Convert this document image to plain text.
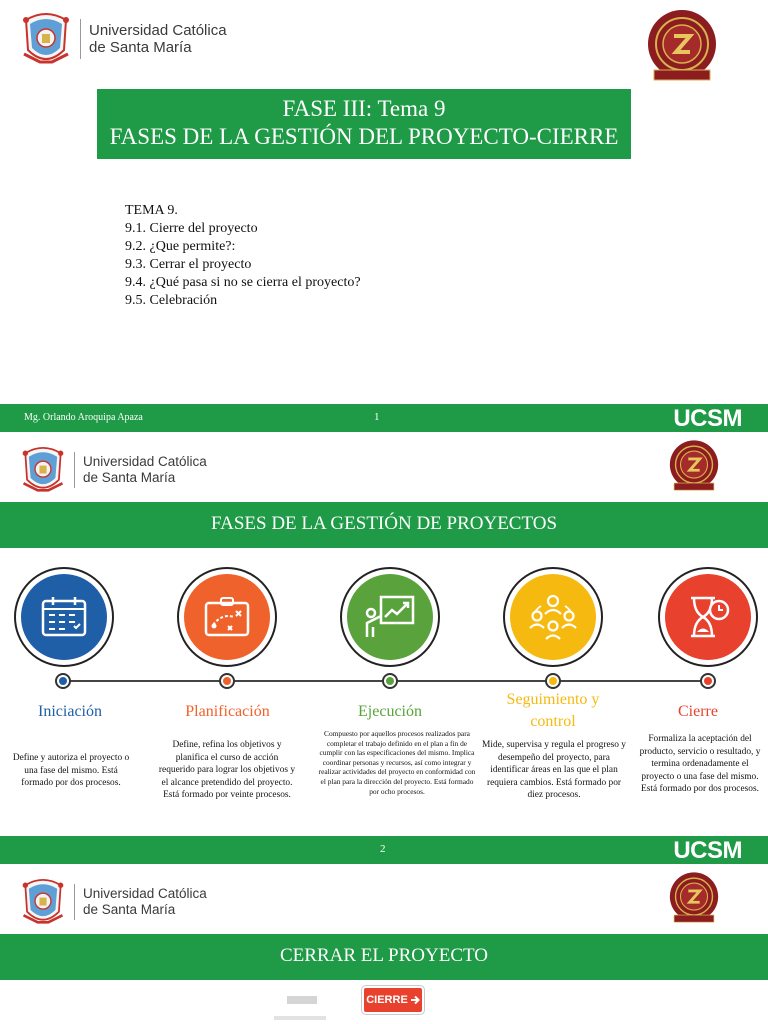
Universidad Católica
de Santa María
FASE III: Tema 9
FASES DE LA GESTIÓN DEL PROYECTO-CIERRE
TEMA 9.
9.1. Cierre del proyecto
9.2. ¿Que permite?:
9.3. Cerrar el proyecto
9.4. ¿Qué pasa si no se cierra el proyecto?
9.5. Celebración
Mg. Orlando Aroquipa Apaza	1	UCSM
Universidad Católica
de Santa María
FASES DE LA GESTIÓN DE PROYECTOS
Iniciación	Planificación	Ejecución
Seguimiento y control
Cierre
Define y autoriza el proyecto o una fase del mismo. Está formado por dos procesos.
Define, refina los objetivos y planifica el curso de acción requerido para lograr los objetivos y el alcance pretendido del proyecto. Está formado por veinte procesos.
Compuesto por aquellos procesos realizados para completar el trabajo definido en el plan a fin de cumplir con las especificaciones del mismo. Implica coordinar personas y recursos, así como integrar y realizar actividades del proyecto en conformidad con el plan para la dirección del proyecto. Está formado por ocho procesos.
Mide, supervisa y regula el progreso y desempeño del proyecto, para identificar áreas en las que el plan requiera cambios. Está formado por diez procesos.
Formaliza la aceptación del producto, servicio o resultado, y termina ordenadamente el proyecto o una fase del mismo. Está formado por dos procesos.
2	UCSM
Universidad Católica
de Santa María
CERRAR EL PROYECTO
CIERRE
